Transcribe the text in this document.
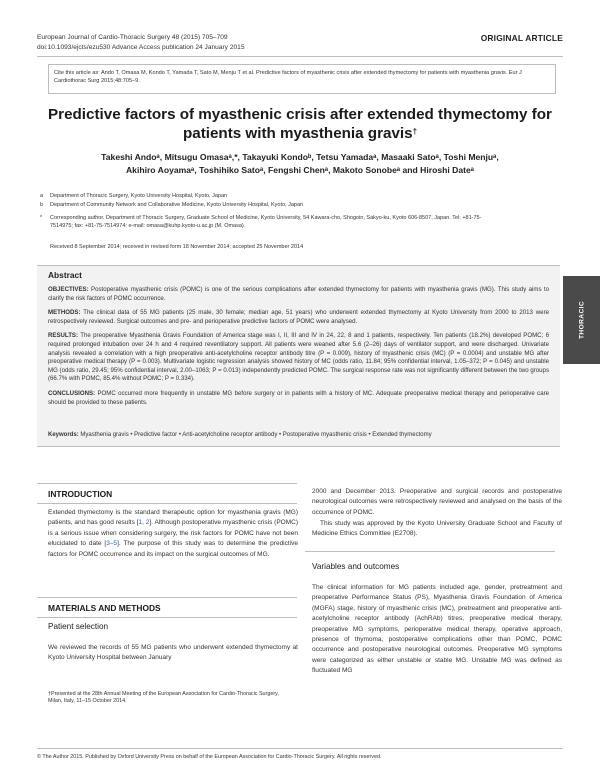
European Journal of Cardio-Thoracic Surgery 48 (2015) 705–709
doi:10.1093/ejcts/ezu530 Advance Access publication 24 January 2015
ORIGINAL ARTICLE
Cite this article as: Ando T, Omasa M, Kondo T, Yamada T, Sato M, Menju T et al. Predictive factors of myasthenic crisis after extended thymectomy for patients with myasthenia gravis. Eur J Cardiothorac Surg 2015;48:705–9.
Predictive factors of myasthenic crisis after extended thymectomy for
patients with myasthenia gravis†
Takeshi Andoᵃ, Mitsugu Omasaᵃ,*, Takayuki Kondoᵇ, Tetsu Yamadaᵃ, Masaaki Satoᵃ, Toshi Menjuᵃ,
Akihiro Aoyamaᵃ, Toshihiko Satoᵃ, Fengshi Chenᵃ, Makoto Sonobeᵃ and Hiroshi Dateᵃ
a Department of Thoracic Surgery, Kyoto University Hospital, Kyoto, Japan
b Department of Community Network and Collaborative Medicine, Kyoto University Hospital, Kyoto, Japan
* Corresponding author. Department of Thoracic Surgery, Graduate School of Medicine, Kyoto University, 54 Kawara-cho, Shogoin, Sakyo-ku, Kyoto 606-8507, Japan. Tel: +81-75-7514975; fax: +81-75-7514974; e-mail: omasa@kuhp.kyoto-u.ac.jp (M. Omasa).
Received 8 September 2014; received in revised form 18 November 2014; accepted 25 November 2014
Abstract

OBJECTIVES: Postoperative myasthenic crisis (POMC) is one of the serious complications after extended thymectomy for patients with myasthenia gravis (MG). This study aims to clarify the risk factors of POMC occurrence.

METHODS: The clinical data of 55 MG patients (25 male, 30 female; median age, 51 years) who underwent extended thymectomy at Kyoto University from 2000 to 2013 were retrospectively reviewed. Surgical outcomes and pre- and perioperative predictive factors of POMC were analysed.

RESULTS: The preoperative Myasthenia Gravis Foundation of America stage was I, II, III and IV in 24, 22, 8 and 1 patients, respectively. Ten patients (18.2%) developed POMC; 6 required prolonged intubation over 24 h and 4 required reventilatory support. All patients were weaned after 5.6 (2–26) days of ventilator support, and were discharged. Univariate analysis revealed a correlation with a high preoperative anti-acetylcholine receptor antibody titre (P = 0.009), history of myasthenic crisis (MC) (P = 0.0004) and unstable MG after preoperative medical therapy (P = 0.003). Multivariate logistic regression analysis showed history of MC (odds ratio, 11.84; 95% confidential interval, 1.05–372; P = 0.045) and unstable MG (odds ratio, 29.45; 95% confidential interval, 2.00–1063; P = 0.013) independently predicted POMC. The surgical response rate was not significantly different between the two groups (66.7% with POMC, 85.4% without POMC; P = 0.334).

CONCLUSIONS: POMC occurred more frequently in unstable MG before surgery or in patients with a history of MC. Adequate preoperative medical therapy and perioperative care should be provided to these patients.

Keywords: Myasthenia gravis • Predictive factor • Anti-acetylcholine receptor antibody • Postoperative myasthenic crisis • Extended thymectomy
THORACIC
INTRODUCTION
Extended thymectomy is the standard therapeutic option for myasthenia gravis (MG) patients, and has good results [1, 2]. Although postoperative myasthenic crisis (POMC) is a serious issue when considering surgery, the risk factors for POMC have not been elucidated to date [3–5]. The purpose of this study was to determine the predictive factors for POMC occurrence and its impact on the surgical outcomes of MG.
MATERIALS AND METHODS
Patient selection
We reviewed the records of 55 MG patients who underwent extended thymectomy at Kyoto University Hospital between January
†Presented at the 28th Annual Meeting of the European Association for Cardio-Thoracic Surgery, Milan, Italy, 11–15 October 2014.
2000 and December 2013. Preoperative and surgical records and postoperative neurological outcomes were retrospectively reviewed and analysed on the basis of the occurrence of POMC.
This study was approved by the Kyoto University Graduate School and Faculty of Medicine Ethics Committee (E2708).
Variables and outcomes
The clinical information for MG patients included age, gender, pretreatment and preoperative Performance Status (PS), Myasthenia Gravis Foundation of America (MGFA) stage, history of myasthenic crisis (MC), pretreatment and preoperative anti-acetylcholine receptor antibody (AchRAb) titres, preoperative medical therapy, preoperative MG symptoms, perioperative medical therapy, operative approach, presence of thymoma, postoperative complications other than POMC, POMC occurrence and postoperative neurological outcomes. Preoperative MG symptoms were categorized as either unstable or stable MG. Unstable MG was defined as fluctuated MG
© The Author 2015. Published by Oxford University Press on behalf of the European Association for Cardio-Thoracic Surgery. All rights reserved.
